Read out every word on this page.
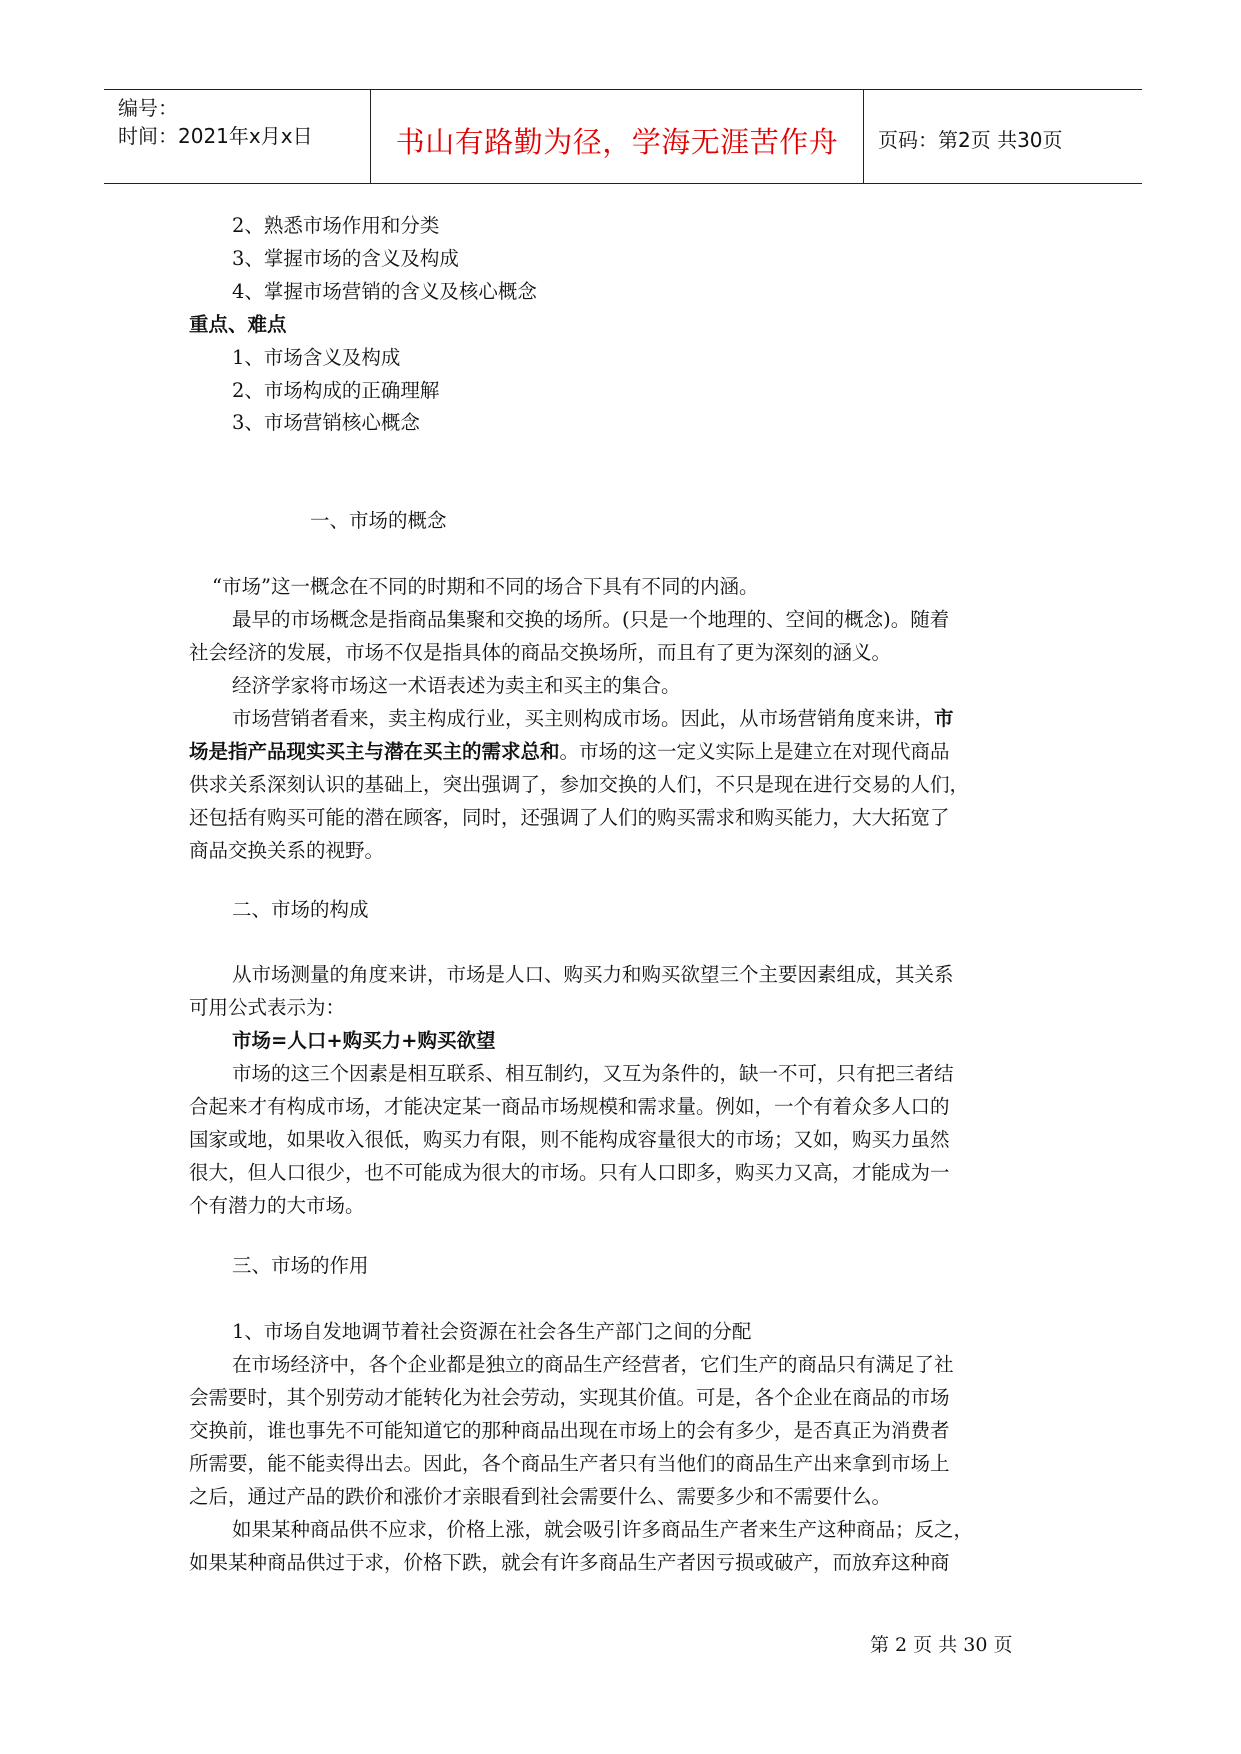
编号：
时间：2021年x月x日	书山有路勤为径，学海无涯苦作舟	页码：第2页 共30页
2、熟悉市场作用和分类
3、掌握市场的含义及构成
4、掌握市场营销的含义及核心概念
重点、难点
1、市场含义及构成
2、市场构成的正确理解
3、市场营销核心概念
一、市场的概念
“市场”这一概念在不同的时期和不同的场合下具有不同的内涵。
最早的市场概念是指商品集聚和交换的场所。(只是一个地理的、空间的概念)。随着
社会经济的发展，市场不仅是指具体的商品交换场所，而且有了更为深刻的涵义。
经济学家将市场这一术语表述为卖主和买主的集合。
市场营销者看来，卖主构成行业，买主则构成市场。因此，从市场营销角度来讲，市
场是指产品现实买主与潜在买主的需求总和。市场的这一定义实际上是建立在对现代商品
供求关系深刻认识的基础上，突出强调了，参加交换的人们，不只是现在进行交易的人们，
还包括有购买可能的潜在顾客，同时，还强调了人们的购买需求和购买能力，大大拓宽了
商品交换关系的视野。
二、市场的构成
从市场测量的角度来讲，市场是人口、购买力和购买欲望三个主要因素组成，其关系
可用公式表示为：
市场=人口+购买力+购买欲望
市场的这三个因素是相互联系、相互制约，又互为条件的，缺一不可，只有把三者结
合起来才有构成市场，才能决定某一商品市场规模和需求量。例如，一个有着众多人口的
国家或地，如果收入很低，购买力有限，则不能构成容量很大的市场；又如，购买力虽然
很大，但人口很少，也不可能成为很大的市场。只有人口即多，购买力又高，才能成为一
个有潜力的大市场。
三、市场的作用
1、市场自发地调节着社会资源在社会各生产部门之间的分配
在市场经济中，各个企业都是独立的商品生产经营者，它们生产的商品只有满足了社
会需要时，其个别劳动才能转化为社会劳动，实现其价值。可是，各个企业在商品的市场
交换前，谁也事先不可能知道它的那种商品出现在市场上的会有多少，是否真正为消费者
所需要，能不能卖得出去。因此，各个商品生产者只有当他们的商品生产出来拿到市场上
之后，通过产品的跌价和涨价才亲眼看到社会需要什么、需要多少和不需要什么。
如果某种商品供不应求，价格上涨，就会吸引许多商品生产者来生产这种商品；反之，
如果某种商品供过于求，价格下跌，就会有许多商品生产者因亏损或破产，而放弃这种商
第 2 页 共 30 页
